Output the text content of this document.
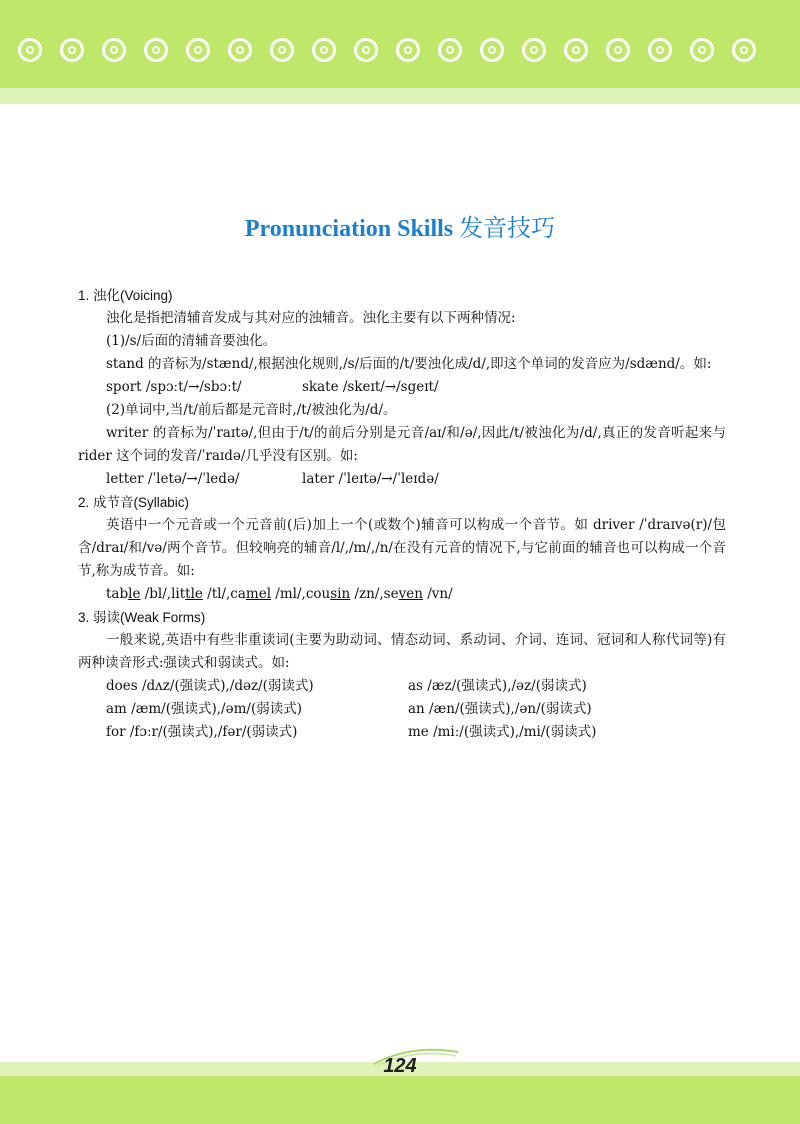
Pronunciation Skills 发音技巧

1. 浊化(Voicing)

浊化是指把清辅音发成与其对应的浊辅音。浊化主要有以下两种情况:

(1)/s/后面的清辅音要浊化。

stand 的音标为/stænd/,根据浊化规则,/s/后面的/t/要浊化成/d/,即这个单词的发音应为/sdænd/。如:

sport /spɔːt/→/sbɔːt/	skate /skeɪt/→/sgeɪt/

(2)单词中,当/t/前后都是元音时,/t/被浊化为/d/。

writer 的音标为/ˈraɪtə/,但由于/t/的前后分别是元音/aɪ/和/ə/,因此/t/被浊化为/d/,真正的发音听起来与 rider 这个词的发音/ˈraɪdə/几乎没有区别。如:

letter /ˈletə/→/ˈledə/	later /ˈleɪtə/→/ˈleɪdə/

2. 成节音(Syllabic)

英语中一个元音或一个元音前(后)加上一个(或数个)辅音可以构成一个音节。如 driver /ˈdraɪvə(r)/包含/draɪ/和/və/两个音节。但较响亮的辅音/l/,/m/,/n/在没有元音的情况下,与它前面的辅音也可以构成一个音节,称为成节音。如:

table /bl/, little /tl/, camel /ml/, cousin /zn/, seven /vn/

3. 弱读(Weak Forms)

一般来说,英语中有些非重读词(主要为助动词、情态动词、系动词、介词、连词、冠词和人称代词等)有两种读音形式:强读式和弱读式。如:

does /dʌz/(强读式),/dəz/(弱读式)	as /æz/(强读式),/əz/(弱读式)
am /æm/(强读式),/əm/(弱读式)	an /æn/(强读式),/ən/(弱读式)
for /fɔːr/(强读式),/fər/(弱读式)	me /miː/(强读式),/mi/(弱读式)
124
